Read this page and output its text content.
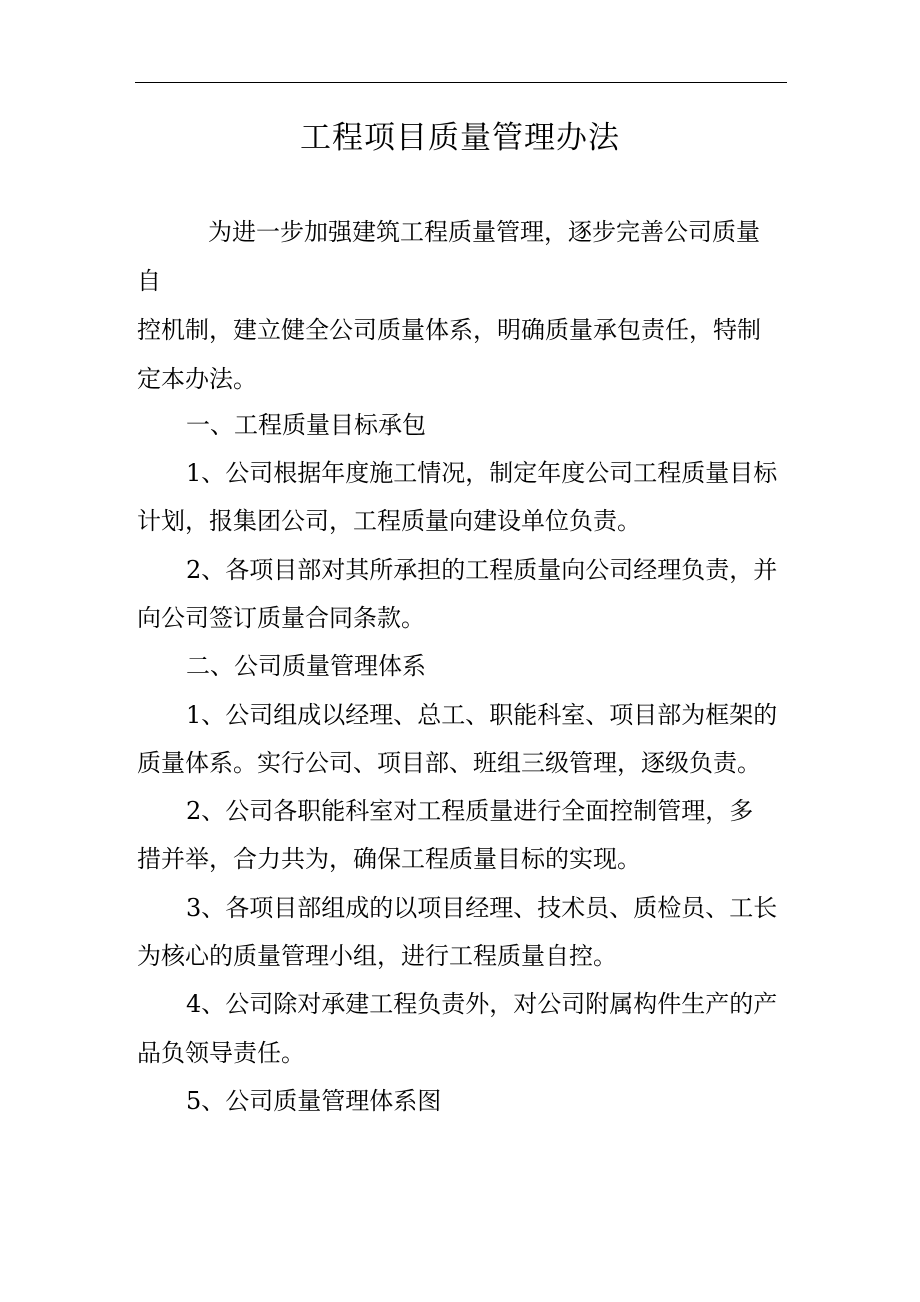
工程项目质量管理办法
为进一步加强建筑工程质量管理，逐步完善公司质量
自
控机制，建立健全公司质量体系，明确质量承包责任，特制
定本办法。
一、工程质量目标承包
1、公司根据年度施工情况，制定年度公司工程质量目标
计划，报集团公司，工程质量向建设单位负责。
2、各项目部对其所承担的工程质量向公司经理负责，并
向公司签订质量合同条款。
二、公司质量管理体系
1、公司组成以经理、总工、职能科室、项目部为框架的
质量体系。实行公司、项目部、班组三级管理，逐级负责。
2、公司各职能科室对工程质量进行全面控制管理，多
措并举，合力共为，确保工程质量目标的实现。
3、各项目部组成的以项目经理、技术员、质检员、工长
为核心的质量管理小组，进行工程质量自控。
4、公司除对承建工程负责外，对公司附属构件生产的产
品负领导责任。
5、公司质量管理体系图
